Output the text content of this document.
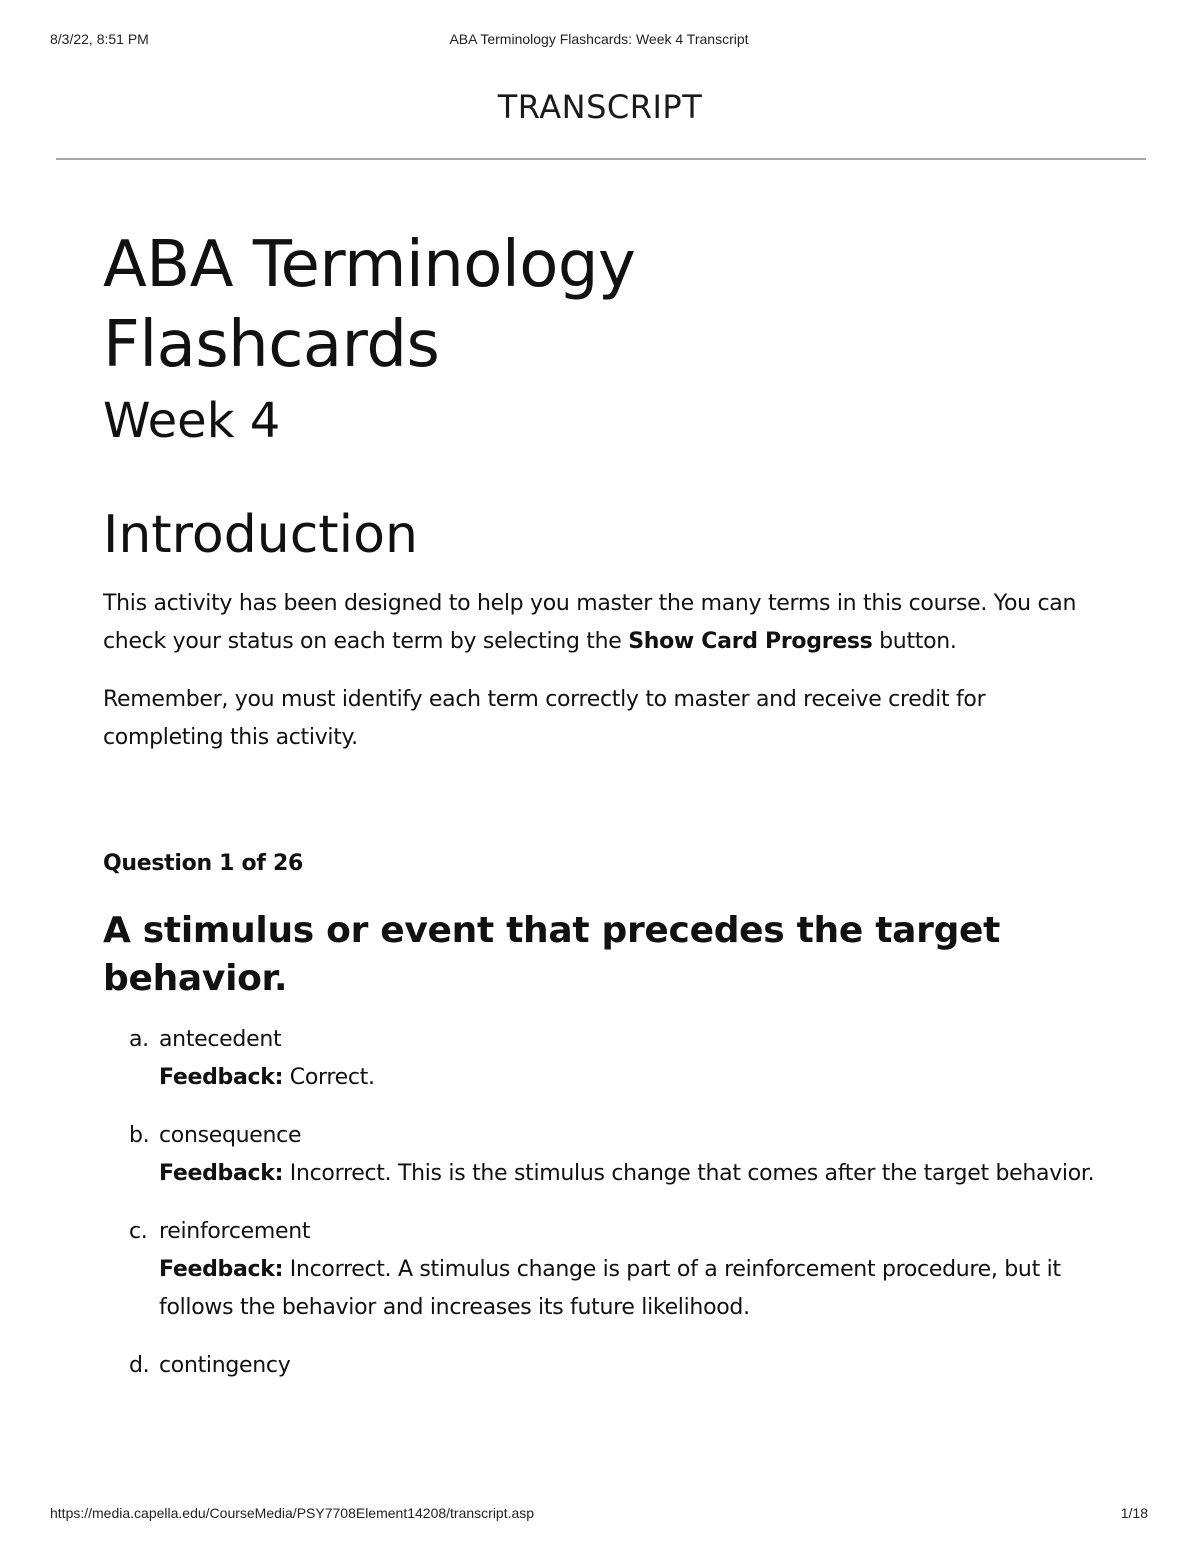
8/3/22, 8:51 PM	ABA Terminology Flashcards: Week 4 Transcript
TRANSCRIPT
ABA Terminology
Flashcards
Week 4
Introduction

This activity has been designed to help you master the many terms in this course. You can check your status on each term by selecting the Show Card Progress button.

Remember, you must identify each term correctly to master and receive credit for completing this activity.

Question 1 of 26
A stimulus or event that precedes the target behavior.
a. antecedent
Feedback: Correct.
b. consequence
Feedback: Incorrect. This is the stimulus change that comes after the target behavior.
c. reinforcement
Feedback: Incorrect. A stimulus change is part of a reinforcement procedure, but it follows the behavior and increases its future likelihood.
d. contingency
https://media.capella.edu/CourseMedia/PSY7708Element14208/transcript.asp	1/18
